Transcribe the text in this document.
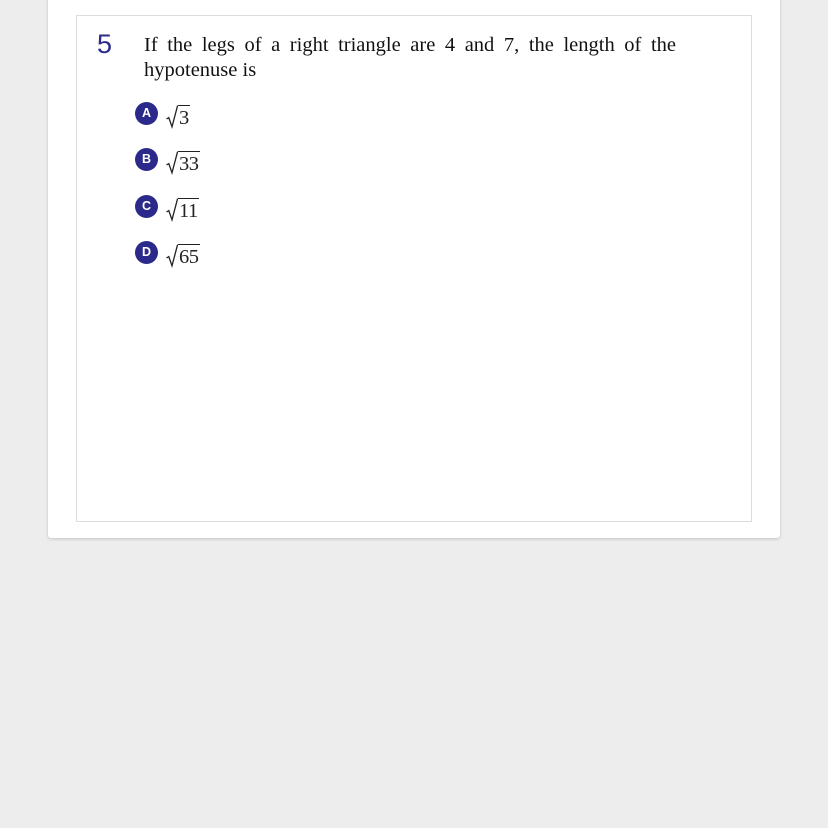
5 If the legs of a right triangle are 4 and 7, the length of the hypotenuse is
A	3
B	33
C	11
D	65
